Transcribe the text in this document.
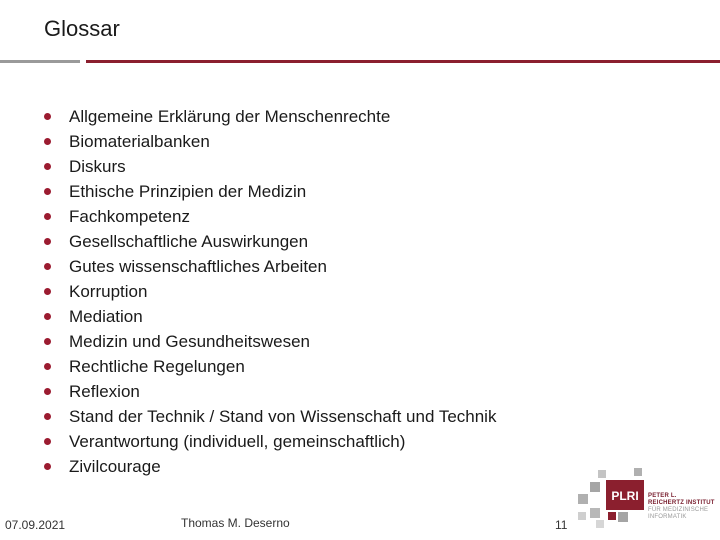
Glossar
Allgemeine Erklärung der Menschenrechte
Biomaterialbanken
Diskurs
Ethische Prinzipien der Medizin
Fachkompetenz
Gesellschaftliche Auswirkungen
Gutes wissenschaftliches Arbeiten
Korruption
Mediation
Medizin und Gesundheitswesen
Rechtliche Regelungen
Reflexion
Stand der Technik / Stand von Wissenschaft und Technik
Verantwortung (individuell, gemeinschaftlich)
Zivilcourage
07.09.2021	Thomas M. Deserno	11
PLRI PETER L.
REICHERTZ INSTITUT
FÜR MEDIZINISCHE
INFORMATIK
